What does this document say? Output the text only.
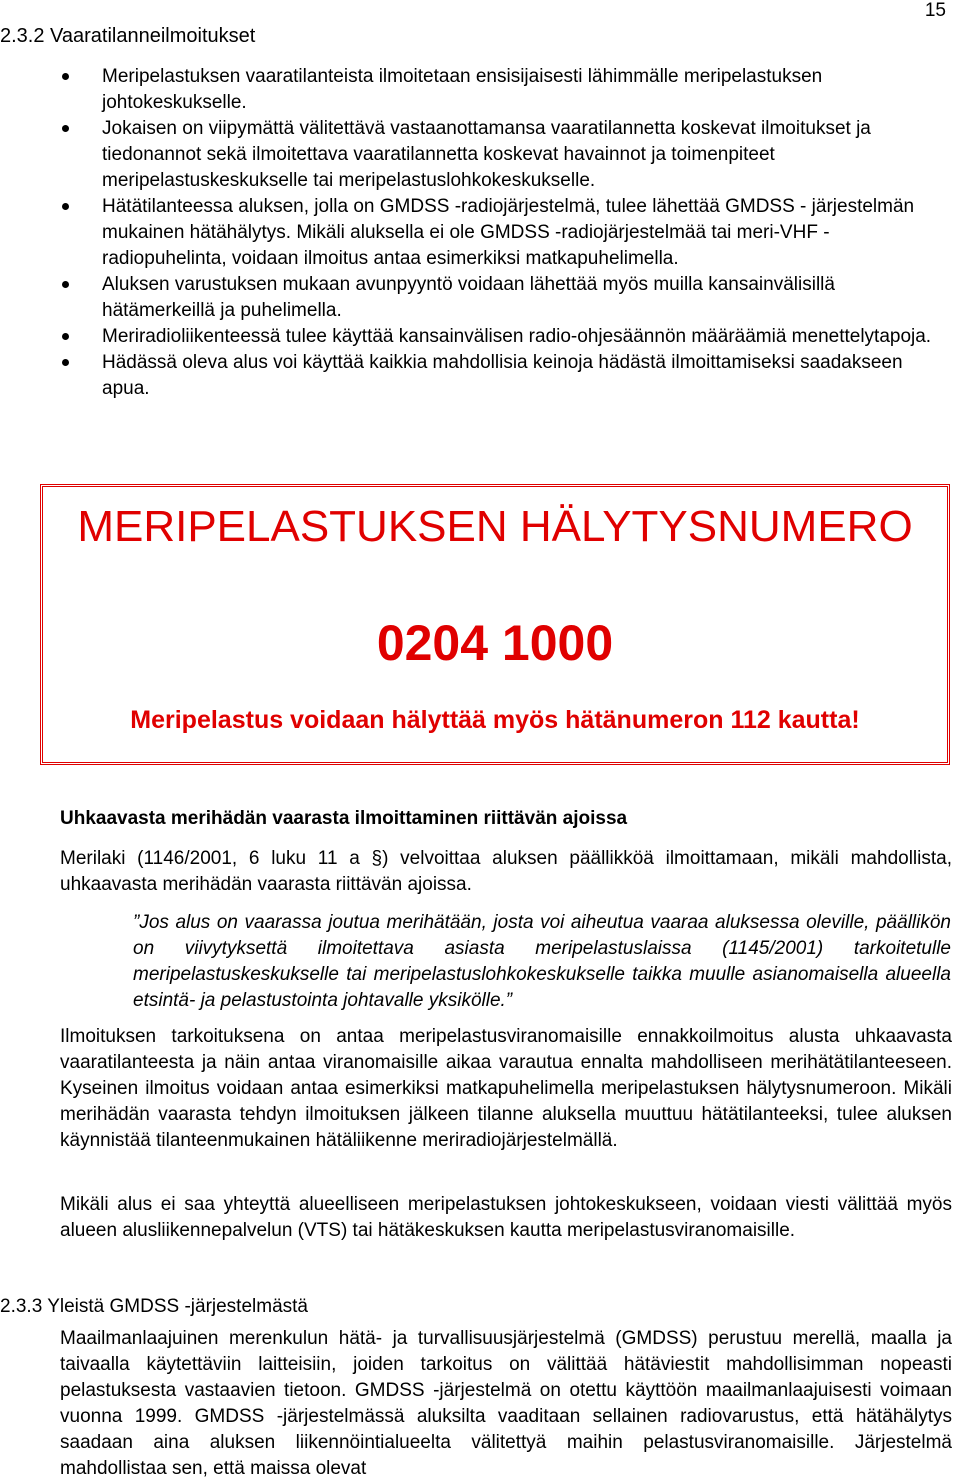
15
2.3.2 Vaaratilanneilmoitukset
Meripelastuksen vaaratilanteista ilmoitetaan ensisijaisesti lähimmälle meripelastuksen johtokeskukselle.
Jokaisen on viipymättä välitettävä vastaanottamansa vaaratilannetta koskevat ilmoitukset ja tiedonannot sekä ilmoitettava vaaratilannetta koskevat havainnot ja toimenpiteet meripelastuskeskukselle tai meripelastuslohkokeskukselle.
Hätätilanteessa aluksen, jolla on GMDSS -radiojärjestelmä, tulee lähettää GMDSS - järjestelmän mukainen hätähälytys. Mikäli aluksella ei ole GMDSS -radiojärjestelmää tai meri-VHF -radiopuhelinta, voidaan ilmoitus antaa esimerkiksi matkapuhelimella.
Aluksen varustuksen mukaan avunpyyntö voidaan lähettää myös muilla kansainvälisillä hätämerkeillä ja puhelimella.
Meriradioliikenteessä tulee käyttää kansainvälisen radio-ohjesäännön määräämiä menettelytapoja.
Hädässä oleva alus voi käyttää kaikkia mahdollisia keinoja hädästä ilmoittamiseksi saadakseen apua.
MERIPELASTUKSEN HÄLYTYSNUMERO
0204 1000
Meripelastus voidaan hälyttää myös hätänumeron 112 kautta!

Uhkaavasta merihädän vaarasta ilmoittaminen riittävän ajoissa

Merilaki (1146/2001, 6 luku 11 a §) velvoittaa aluksen päällikköä ilmoittamaan, mikäli mahdollista, uhkaavasta merihädän vaarasta riittävän ajoissa.

”Jos alus on vaarassa joutua merihätään, josta voi aiheutua vaaraa aluksessa oleville, päällikön on viivytyksettä ilmoitettava asiasta meripelastuslaissa (1145/2001) tarkoitetulle meripelastuskeskukselle tai meripelastuslohkokeskukselle taikka muulle asianomaisella alueella etsintä- ja pelastustointa johtavalle yksikölle.”

Ilmoituksen tarkoituksena on antaa meripelastusviranomaisille ennakkoilmoitus alusta uhkaavasta vaaratilanteesta ja näin antaa viranomaisille aikaa varautua ennalta mahdolliseen merihätätilanteeseen. Kyseinen ilmoitus voidaan antaa esimerkiksi matkapuhelimella meripelastuksen hälytysnumeroon. Mikäli merihädän vaarasta tehdyn ilmoituksen jälkeen tilanne aluksella muuttuu hätätilanteeksi, tulee aluksen käynnistää tilanteenmukainen hätäliikenne meriradiojärjestelmällä.

Mikäli alus ei saa yhteyttä alueelliseen meripelastuksen johtokeskukseen, voidaan viesti välittää myös alueen alusliikennepalvelun (VTS) tai hätäkeskuksen kautta meripelastusviranomaisille.

2.3.3 Yleistä GMDSS -järjestelmästä

Maailmanlaajuinen merenkulun hätä- ja turvallisuusjärjestelmä (GMDSS) perustuu merellä, maalla ja taivaalla käytettäviin laitteisiin, joiden tarkoitus on välittää hätäviestit mahdollisimman nopeasti pelastuksesta vastaavien tietoon. GMDSS -järjestelmä on otettu käyttöön maailmanlaajuisesti voimaan vuonna 1999. GMDSS -järjestelmässä aluksilta vaaditaan sellainen radiovarustus, että hätähälytys saadaan aina aluksen liikennöintialueelta välitettyä maihin pelastusviranomaisille. Järjestelmä mahdollistaa sen, että maissa olevat
